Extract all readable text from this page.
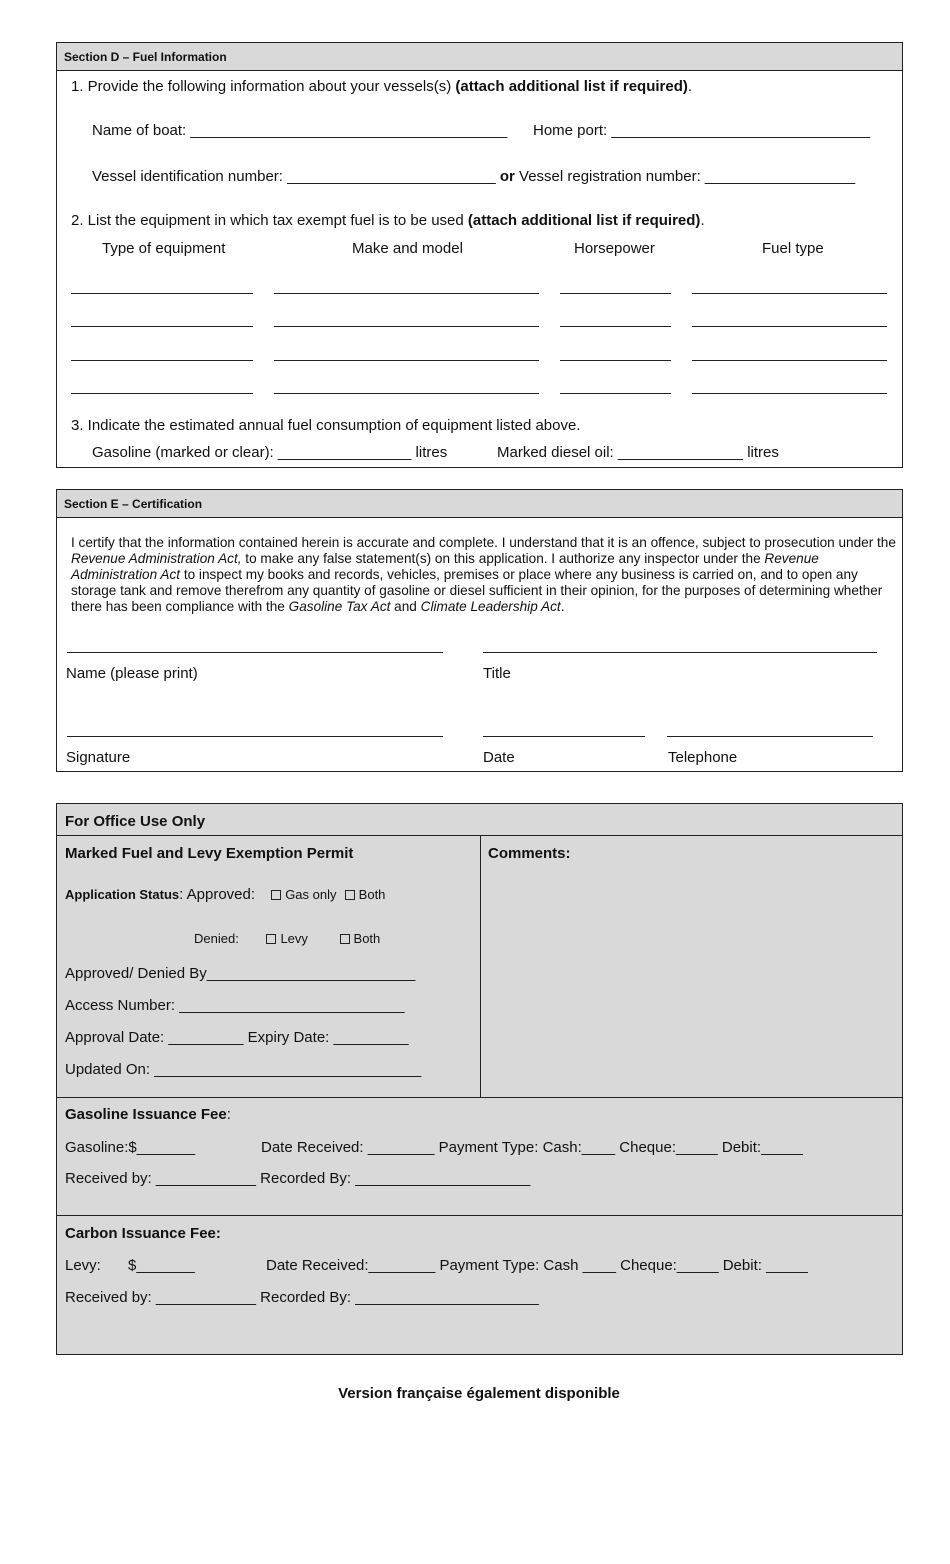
Section D – Fuel Information
1. Provide the following information about your vessels(s) (attach additional list if required).
Name of boat: ______________________________________ Home port: _______________________________
Vessel identification number: _________________________ or Vessel registration number: __________________
2. List the equipment in which tax exempt fuel is to be used (attach additional list if required).
Type of equipment	Make and model	Horsepower	Fuel type
3. Indicate the estimated annual fuel consumption of equipment listed above.
Gasoline (marked or clear): ________________ litres	Marked diesel oil: _______________ litres
Section E – Certification
I certify that the information contained herein is accurate and complete. I understand that it is an offence, subject to prosecution under the Revenue Administration Act, to make any false statement(s) on this application. I authorize any inspector under the Revenue Administration Act to inspect my books and records, vehicles, premises or place where any business is carried on, and to open any storage tank and remove therefrom any quantity of gasoline or diesel sufficient in their opinion, for the purposes of determining whether there has been compliance with the Gasoline Tax Act and Climate Leadership Act.
Name (please print)	Title
Signature	Date	Telephone
For Office Use Only
Marked Fuel and Levy Exemption Permit	Comments:
Application Status: Approved: Gas only Both
Denied:	Levy	Both
Approved/ Denied By_________________________
Access Number: ___________________________
Approval Date: _________ Expiry Date: _________
Updated On: ________________________________
Gasoline Issuance Fee:
Gasoline:$_______	Date Received: ________ Payment Type: Cash:____ Cheque:_____ Debit:_____
Received by: ____________ Recorded By: _____________________
Carbon Issuance Fee:
Levy: $_______	Date Received:________ Payment Type: Cash ____ Cheque:_____ Debit: _____
Received by: ____________ Recorded By: ______________________
Version française également disponible
